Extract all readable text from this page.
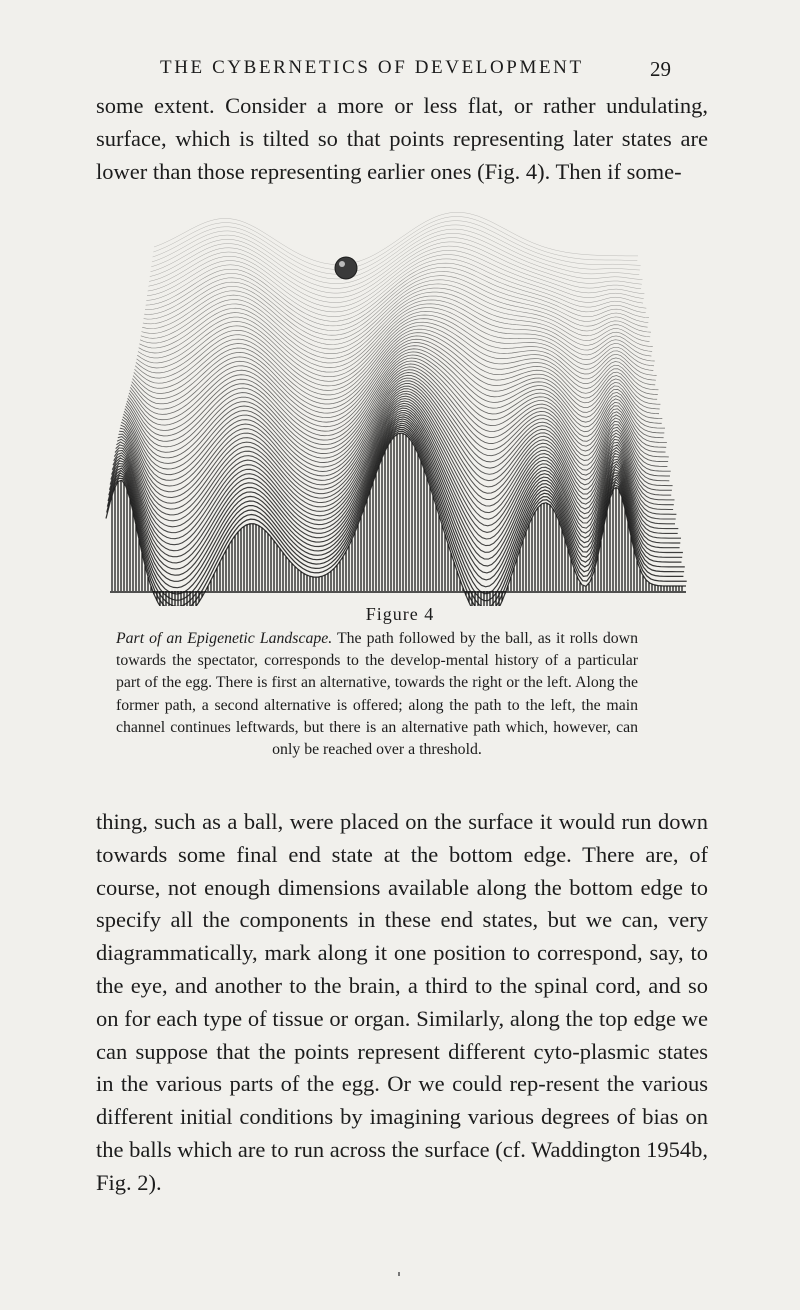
THE CYBERNETICS OF DEVELOPMENT	29

some extent. Consider a more or less flat, or rather undulating, surface, which is tilted so that points representing later states are lower than those representing earlier ones (Fig. 4). Then if some-

Figure 4
Part of an Epigenetic Landscape. The path followed by the ball, as it rolls down towards the spectator, corresponds to the develop-mental history of a particular part of the egg. There is first an alternative, towards the right or the left. Along the former path, a second alternative is offered; along the path to the left, the main channel continues leftwards, but there is an alternative path which, however, can only be reached over a threshold.

thing, such as a ball, were placed on the surface it would run down towards some final end state at the bottom edge. There are, of course, not enough dimensions available along the bottom edge to specify all the components in these end states, but we can, very diagrammatically, mark along it one position to correspond, say, to the eye, and another to the brain, a third to the spinal cord, and so on for each type of tissue or organ. Similarly, along the top edge we can suppose that the points represent different cyto-plasmic states in the various parts of the egg. Or we could rep-resent the various different initial conditions by imagining various degrees of bias on the balls which are to run across the surface (cf. Waddington 1954b, Fig. 2).
